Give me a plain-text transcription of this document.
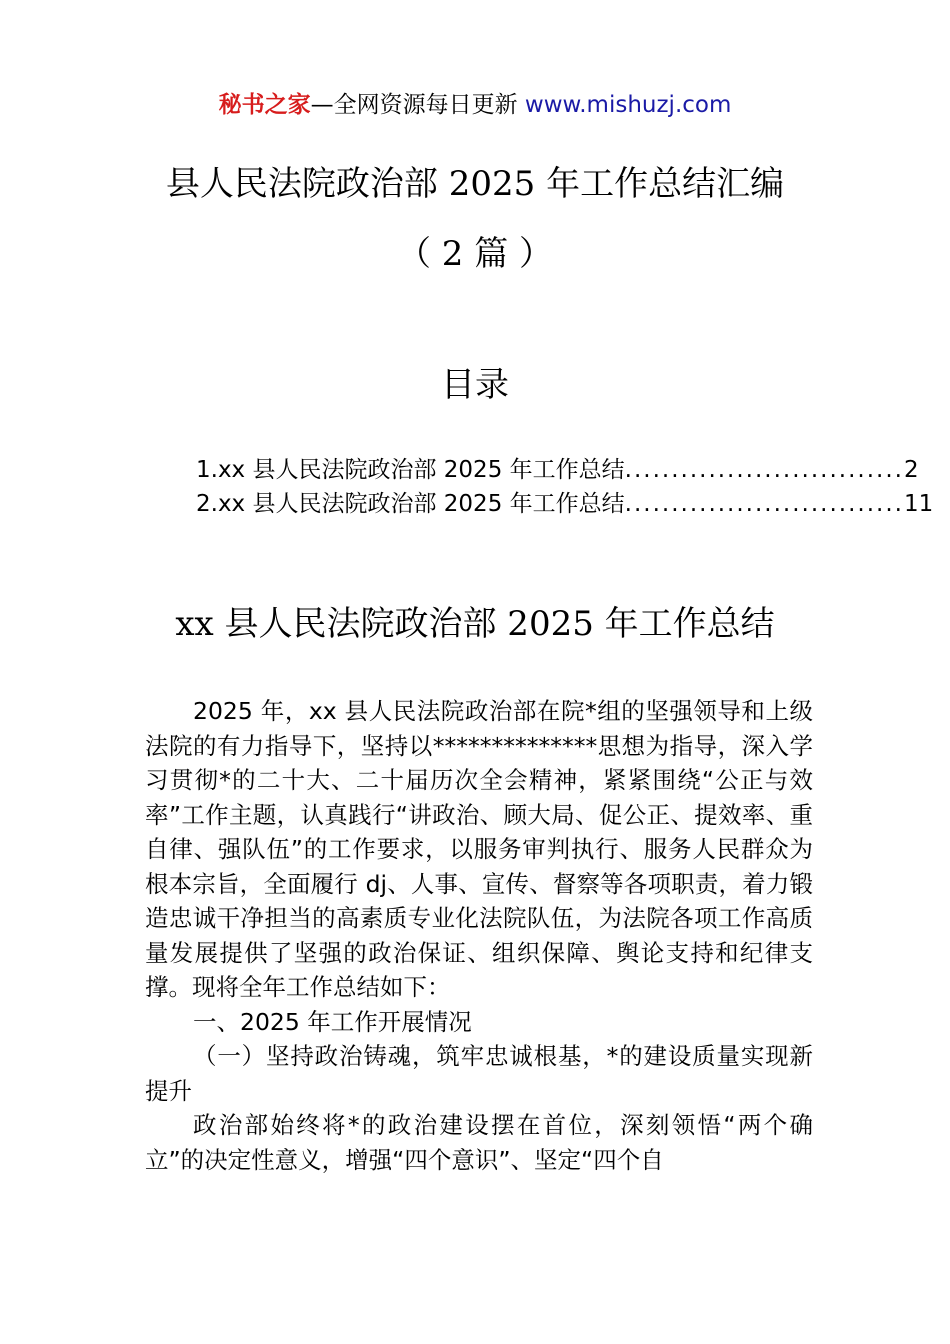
秘书之家—全网资源每日更新 www.mishuzj.com
县人民法院政治部 2025 年工作总结汇编
（ 2 篇 ）
目录
1.xx 县人民法院政治部 2025 年工作总结 .............................. 2
2.xx 县人民法院政治部 2025 年工作总结 .............................. 11
xx 县人民法院政治部 2025 年工作总结

2025 年，xx 县人民法院政治部在院*组的坚强领导和上级法院的有力指导下，坚持以**************思想为指导，深入学习贯彻*的二十大、二十届历次全会精神，紧紧围绕“公正与效率”工作主题，认真践行“讲政治、顾大局、促公正、提效率、重自律、强队伍”的工作要求，以服务审判执行、服务人民群众为根本宗旨，全面履行 dj、人事、宣传、督察等各项职责，着力锻造忠诚干净担当的高素质专业化法院队伍，为法院各项工作高质量发展提供了坚强的政治保证、组织保障、舆论支持和纪律支撑。现将全年工作总结如下：

一、2025 年工作开展情况

（一）坚持政治铸魂，筑牢忠诚根基，*的建设质量实现新提升

政治部始终将*的政治建设摆在首位，深刻领悟“两个确立”的决定性意义，增强“四个意识”、坚定“四个自
